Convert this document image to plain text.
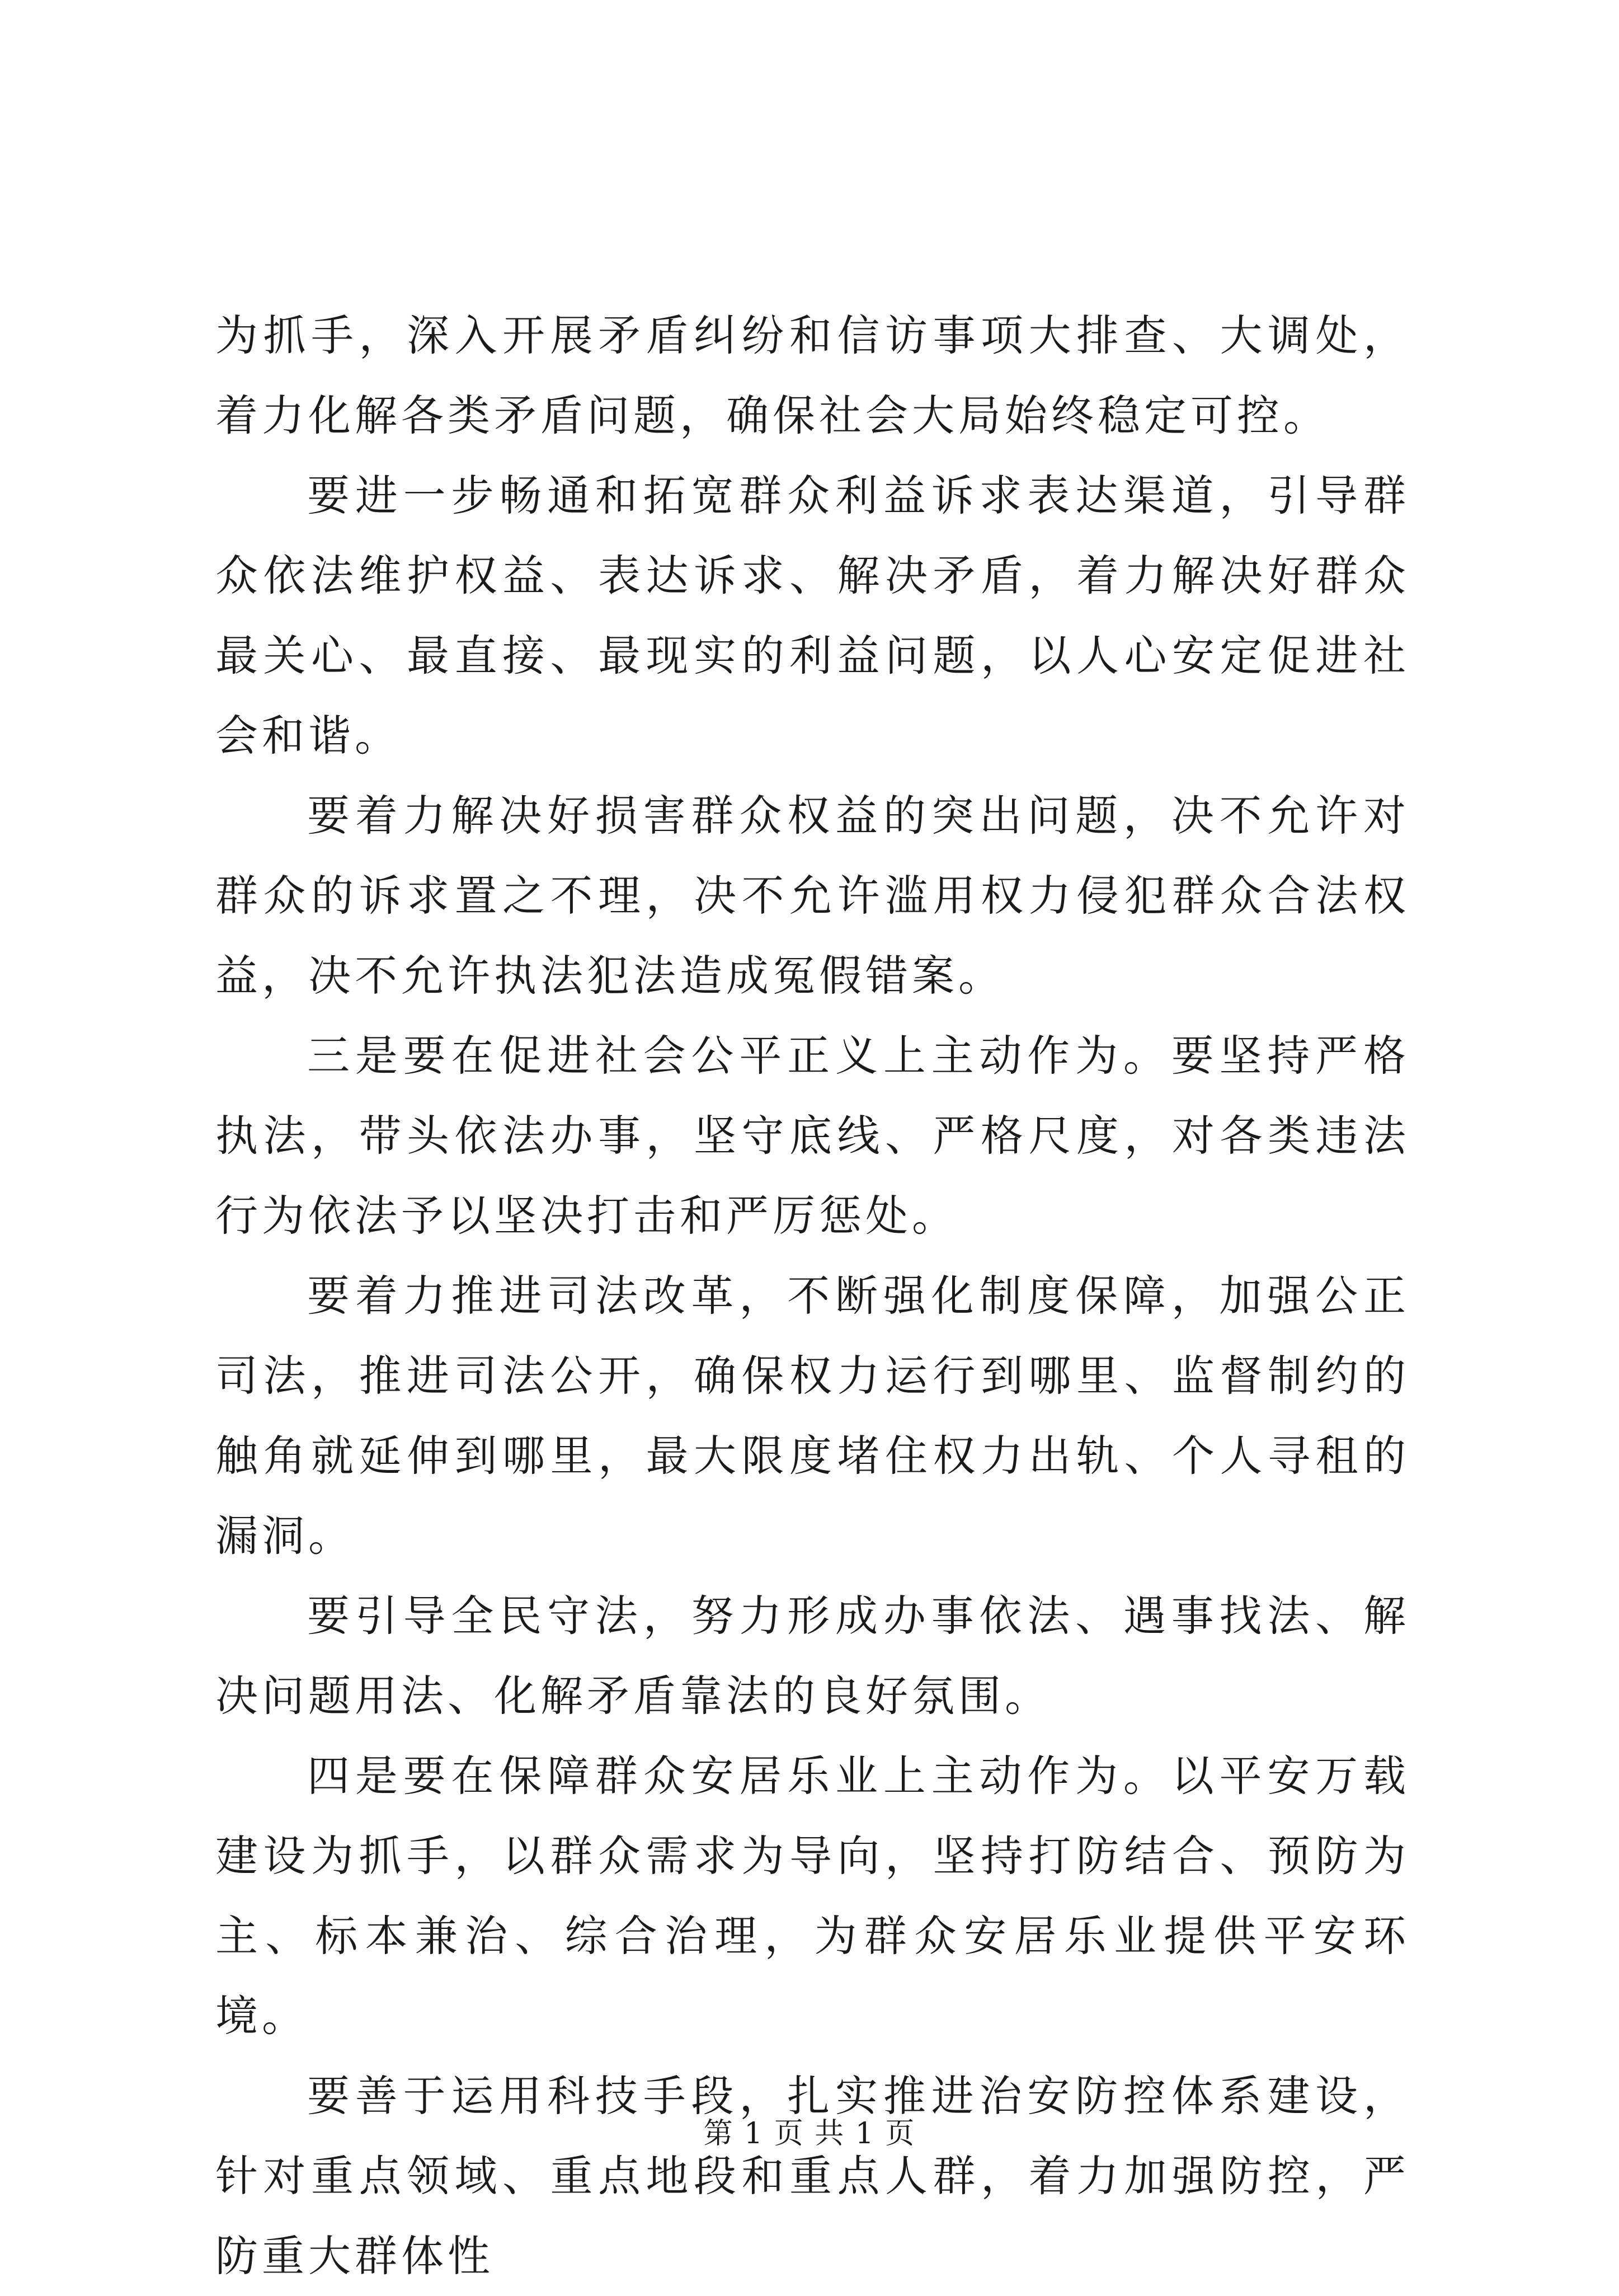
为抓手，深入开展矛盾纠纷和信访事项大排查、大调处，着力化解各类矛盾问题，确保社会大局始终稳定可控。

要进一步畅通和拓宽群众利益诉求表达渠道，引导群众依法维护权益、表达诉求、解决矛盾，着力解决好群众最关心、最直接、最现实的利益问题，以人心安定促进社会和谐。

要着力解决好损害群众权益的突出问题，决不允许对群众的诉求置之不理，决不允许滥用权力侵犯群众合法权益，决不允许执法犯法造成冤假错案。

三是要在促进社会公平正义上主动作为。要坚持严格执法，带头依法办事，坚守底线、严格尺度，对各类违法行为依法予以坚决打击和严厉惩处。

要着力推进司法改革，不断强化制度保障，加强公正司法，推进司法公开，确保权力运行到哪里、监督制约的触角就延伸到哪里，最大限度堵住权力出轨、个人寻租的漏洞。

要引导全民守法，努力形成办事依法、遇事找法、解决问题用法、化解矛盾靠法的良好氛围。

四是要在保障群众安居乐业上主动作为。以平安万载建设为抓手，以群众需求为导向，坚持打防结合、预防为主、标本兼治、综合治理，为群众安居乐业提供平安环境。

要善于运用科技手段，扎实推进治安防控体系建设，针对重点领域、重点地段和重点人群，着力加强防控，严防重大群体性

第 1 页 共 1 页
